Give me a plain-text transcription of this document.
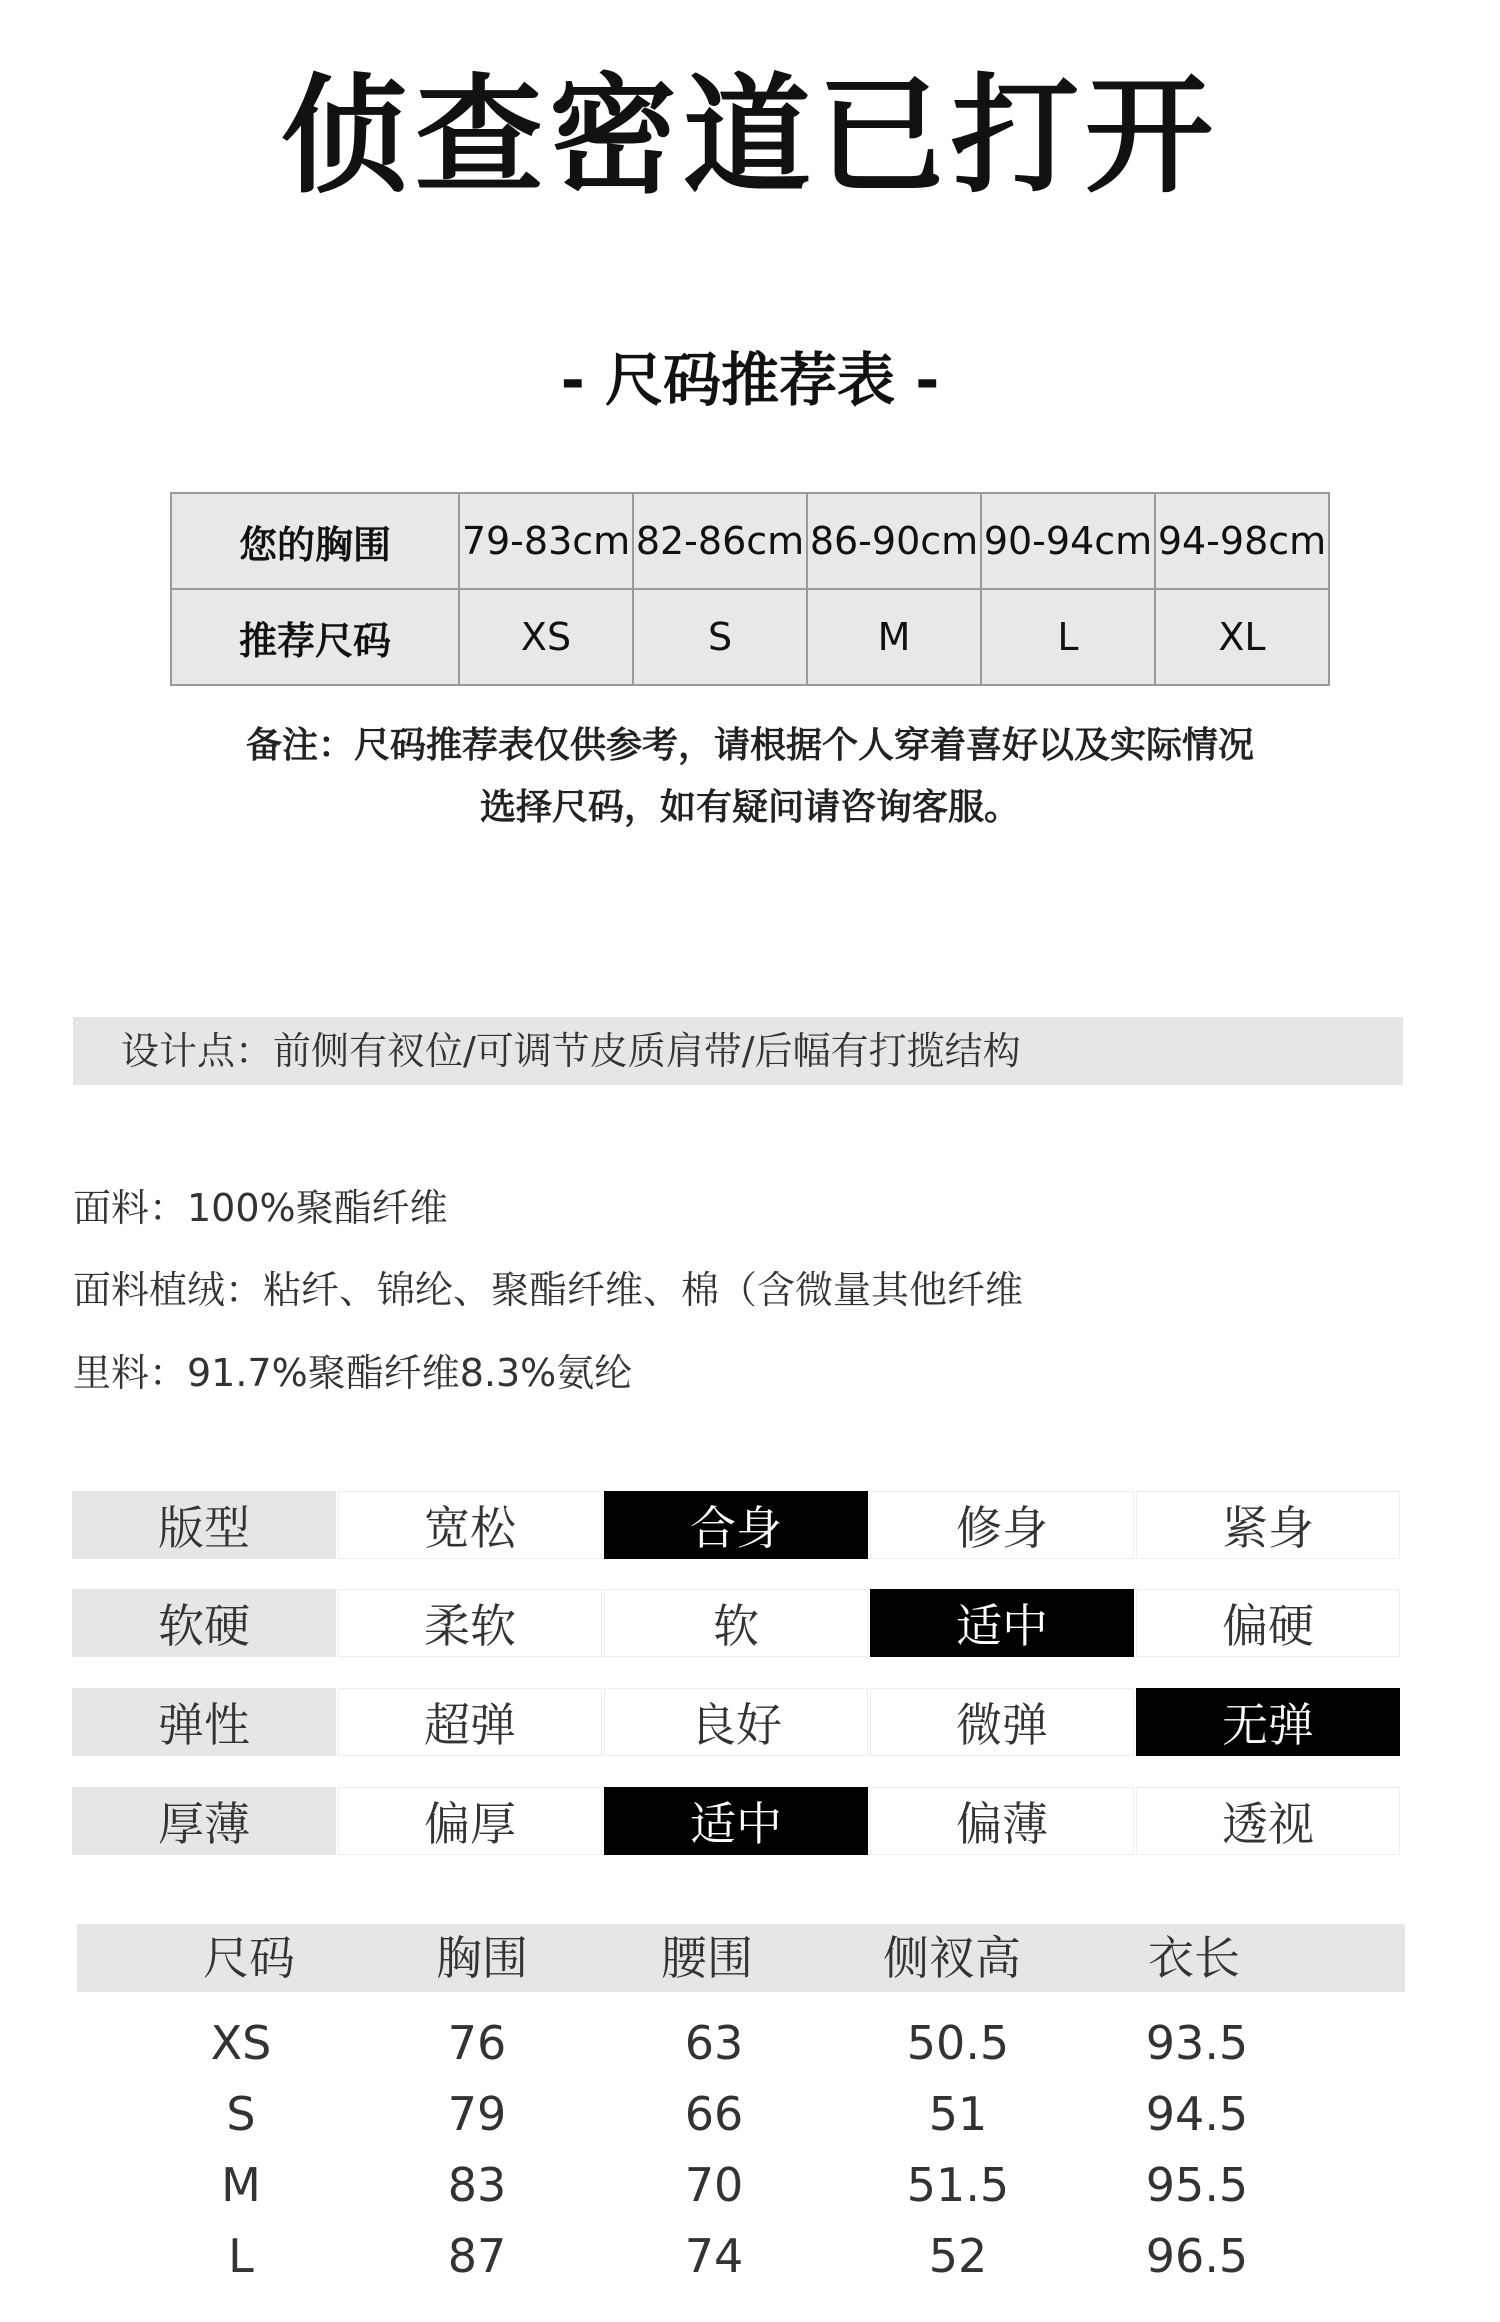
侦查密道已打开
- 尺码推荐表 -
您的胸围	79-83cm	82-86cm	86-90cm	90-94cm	94-98cm
推荐尺码	XS	S	M	L	XL
备注：尺码推荐表仅供参考，请根据个人穿着喜好以及实际情况
选择尺码，如有疑问请咨询客服。
设计点：前侧有衩位/可调节皮质肩带/后幅有打揽结构
面料：100%聚酯纤维
面料植绒：粘纤、锦纶、聚酯纤维、棉（含微量其他纤维
里料：91.7%聚酯纤维8.3%氨纶
版型	宽松	合身	修身	紧身
软硬	柔软	软	适中	偏硬
弹性	超弹	良好	微弹	无弹
厚薄	偏厚	适中	偏薄	透视
尺码	胸围	腰围	侧衩高	衣长
XS	76	63	50.5	93.5
S	79	66	51	94.5
M	83	70	51.5	95.5
L	87	74	52	96.5
